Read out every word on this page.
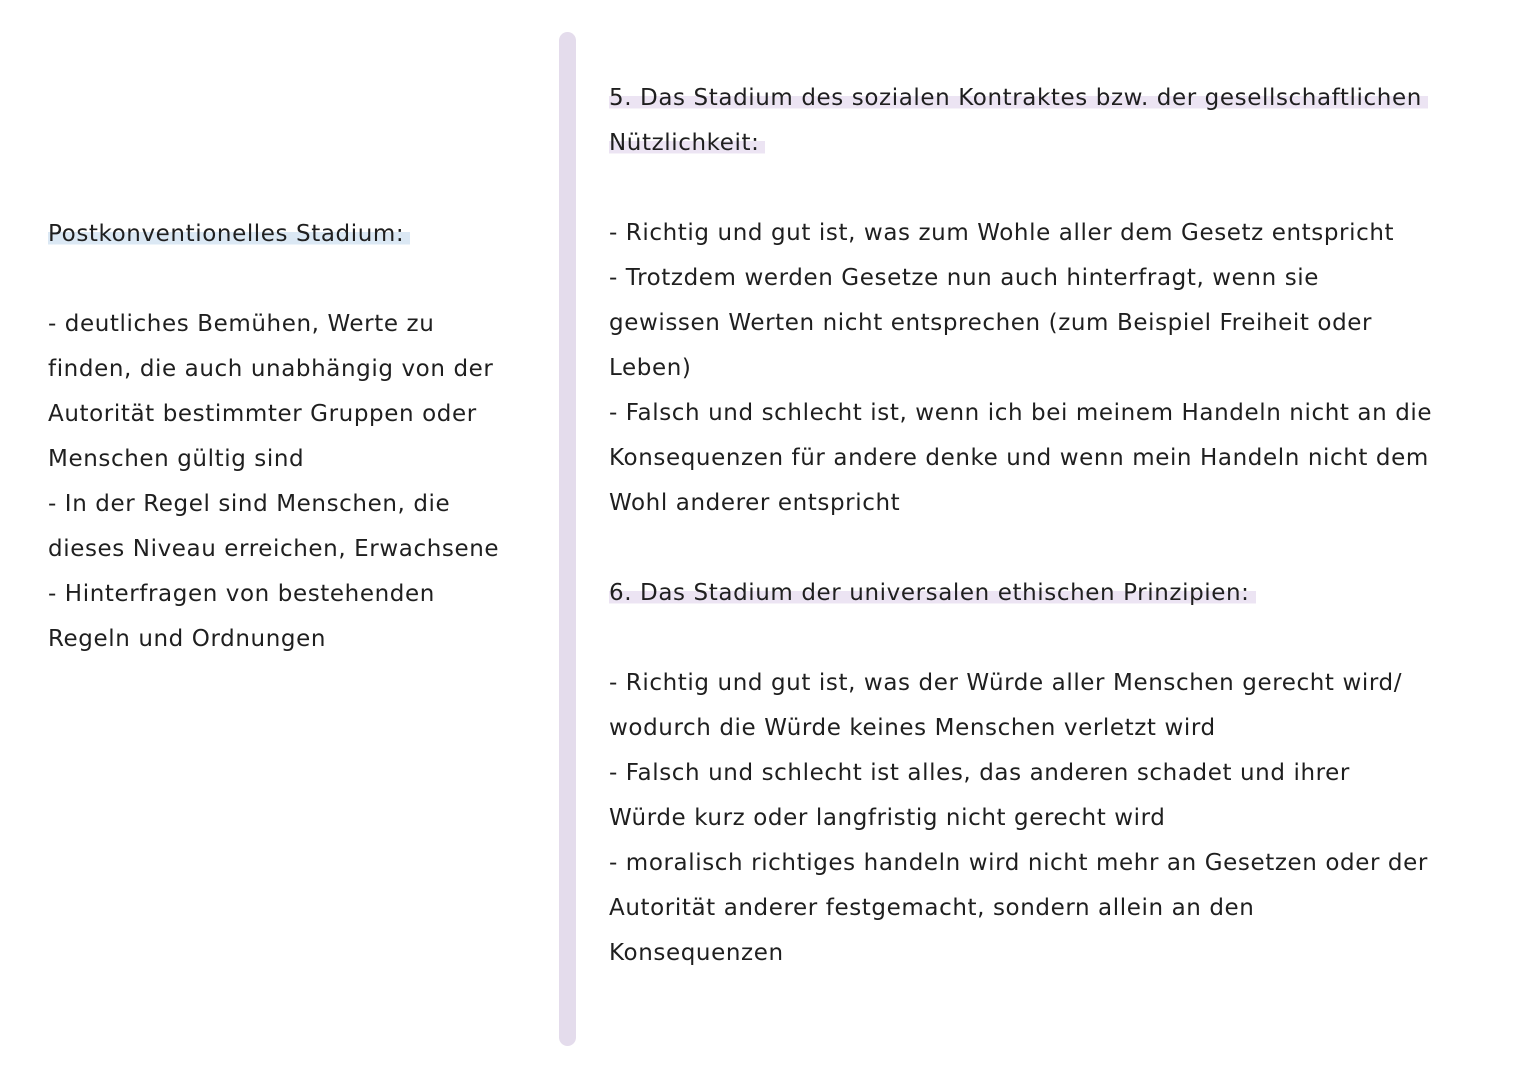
Postkonventionelles Stadium:

- deutliches Bemühen, Werte zu

finden, die auch unabhängig von der

Autorität bestimmter Gruppen oder

Menschen gültig sind

- In der Regel sind Menschen, die

dieses Niveau erreichen, Erwachsene

- Hinterfragen von bestehenden

Regeln und Ordnungen

5. Das Stadium des sozialen Kontraktes bzw. der gesellschaftlichen

Nützlichkeit:

- Richtig und gut ist, was zum Wohle aller dem Gesetz entspricht

- Trotzdem werden Gesetze nun auch hinterfragt, wenn sie

gewissen Werten nicht entsprechen (zum Beispiel Freiheit oder

Leben)

- Falsch und schlecht ist, wenn ich bei meinem Handeln nicht an die

Konsequenzen für andere denke und wenn mein Handeln nicht dem

Wohl anderer entspricht

6. Das Stadium der universalen ethischen Prinzipien:

- Richtig und gut ist, was der Würde aller Menschen gerecht wird/

wodurch die Würde keines Menschen verletzt wird

- Falsch und schlecht ist alles, das anderen schadet und ihrer

Würde kurz oder langfristig nicht gerecht wird

- moralisch richtiges handeln wird nicht mehr an Gesetzen oder der

Autorität anderer festgemacht, sondern allein an den

Konsequenzen
